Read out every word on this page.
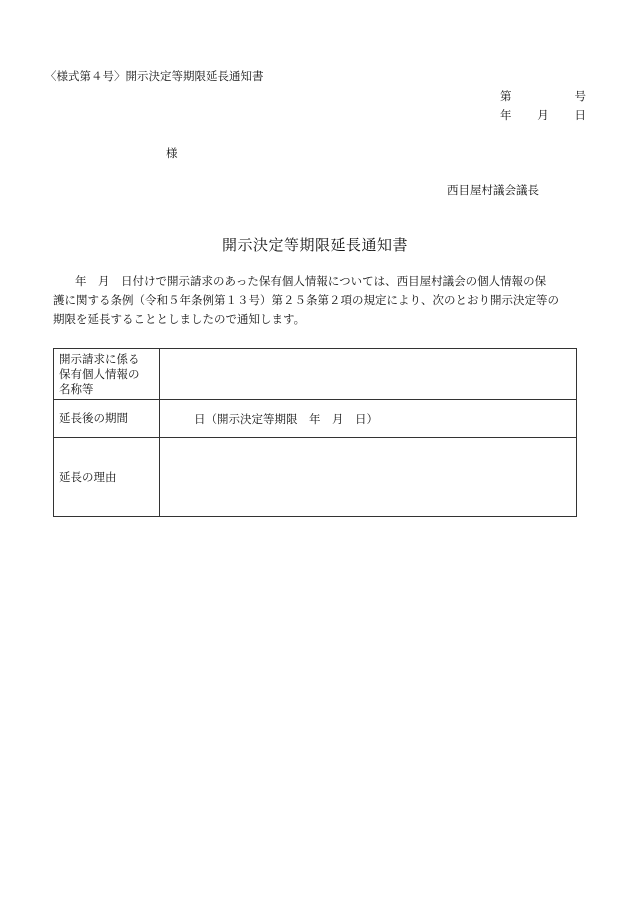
〈様式第４号〉開示決定等期限延長通知書
第	号
年 月 日
様
西目屋村議会議長
開示決定等期限延長通知書

年　月　日付けで開示請求のあった保有個人情報については、西目屋村議会の個人情報の保
護に関する条例（令和５年条例第１３号）第２５条第２項の規定により、次のとおり開示決定等の
期限を延長することとしましたので通知します。

開示請求に係る
保有個人情報の
名称等	

延長後の期間	日（開示決定等期限　年　月　日）

延長の理由	
